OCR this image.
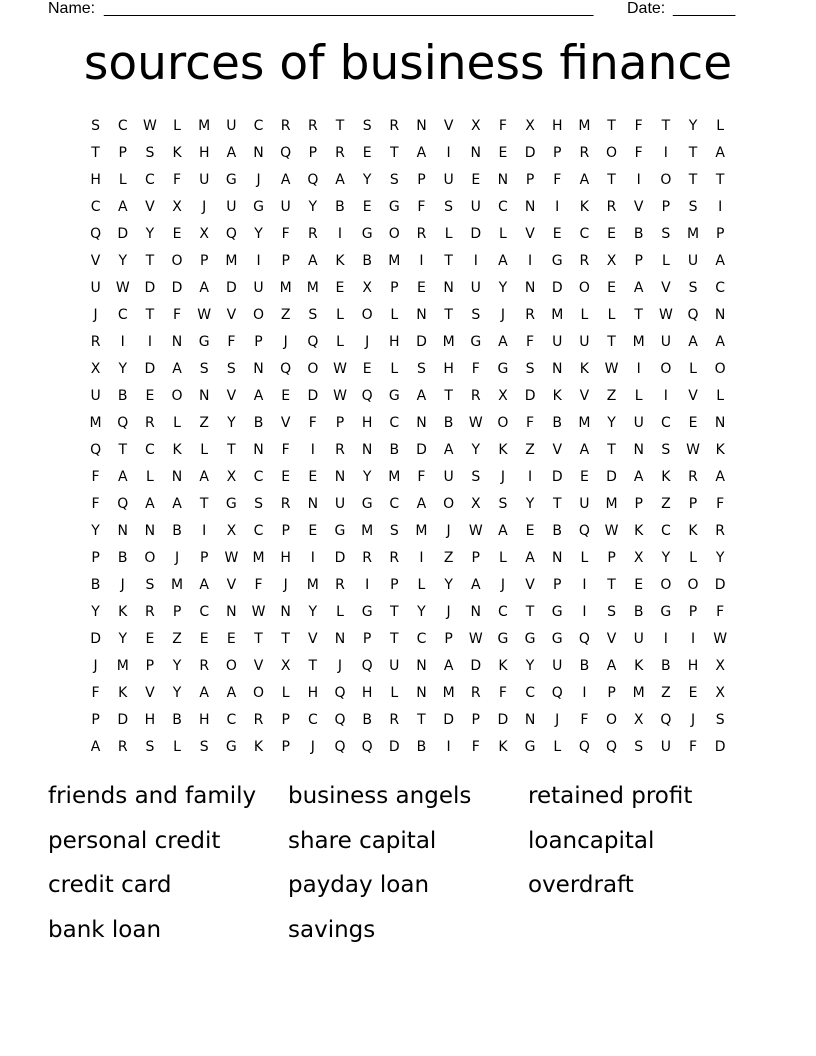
Name: _______________________________________________________ Date: _______
sources of business finance
S	C	W	L	M	U	C	R	R	T	S	R	N	V	X	F	X	H	M	T	F	T	Y	L
T	P	S	K	H	A	N	Q	P	R	E	T	A	I	N	E	D	P	R	O	F	I	T	A
H	L	C	F	U	G	J	A	Q	A	Y	S	P	U	E	N	P	F	A	T	I	O	T	T
C	A	V	X	J	U	G	U	Y	B	E	G	F	S	U	C	N	I	K	R	V	P	S	I
Q	D	Y	E	X	Q	Y	F	R	I	G	O	R	L	D	L	V	E	C	E	B	S	M	P
V	Y	T	O	P	M	I	P	A	K	B	M	I	T	I	A	I	G	R	X	P	L	U	A
U	W	D	D	A	D	U	M	M	E	X	P	E	N	U	Y	N	D	O	E	A	V	S	C
J	C	T	F	W	V	O	Z	S	L	O	L	N	T	S	J	R	M	L	L	T	W	Q	N
R	I	I	N	G	F	P	J	Q	L	J	H	D	M	G	A	F	U	U	T	M	U	A	A
X	Y	D	A	S	S	N	Q	O	W	E	L	S	H	F	G	S	N	K	W	I	O	L	O
U	B	E	O	N	V	A	E	D	W	Q	G	A	T	R	X	D	K	V	Z	L	I	V	L
M	Q	R	L	Z	Y	B	V	F	P	H	C	N	B	W	O	F	B	M	Y	U	C	E	N
Q	T	C	K	L	T	N	F	I	R	N	B	D	A	Y	K	Z	V	A	T	N	S	W	K
F	A	L	N	A	X	C	E	E	N	Y	M	F	U	S	J	I	D	E	D	A	K	R	A
F	Q	A	A	T	G	S	R	N	U	G	C	A	O	X	S	Y	T	U	M	P	Z	P	F
Y	N	N	B	I	X	C	P	E	G	M	S	M	J	W	A	E	B	Q	W	K	C	K	R
P	B	O	J	P	W	M	H	I	D	R	R	I	Z	P	L	A	N	L	P	X	Y	L	Y
B	J	S	M	A	V	F	J	M	R	I	P	L	Y	A	J	V	P	I	T	E	O	O	D
Y	K	R	P	C	N	W	N	Y	L	G	T	Y	J	N	C	T	G	I	S	B	G	P	F
D	Y	E	Z	E	E	T	T	V	N	P	T	C	P	W	G	G	G	Q	V	U	I	I	W
J	M	P	Y	R	O	V	X	T	J	Q	U	N	A	D	K	Y	U	B	A	K	B	H	X
F	K	V	Y	A	A	O	L	H	Q	H	L	N	M	R	F	C	Q	I	P	M	Z	E	X
P	D	H	B	H	C	R	P	C	Q	B	R	T	D	P	D	N	J	F	O	X	Q	J	S
A	R	S	L	S	G	K	P	J	Q	Q	D	B	I	F	K	G	L	Q	Q	S	U	F	D
friends and family	business angels	retained profit
personal credit	share capital	loancapital
credit card	payday loan	overdraft
bank loan	savings
